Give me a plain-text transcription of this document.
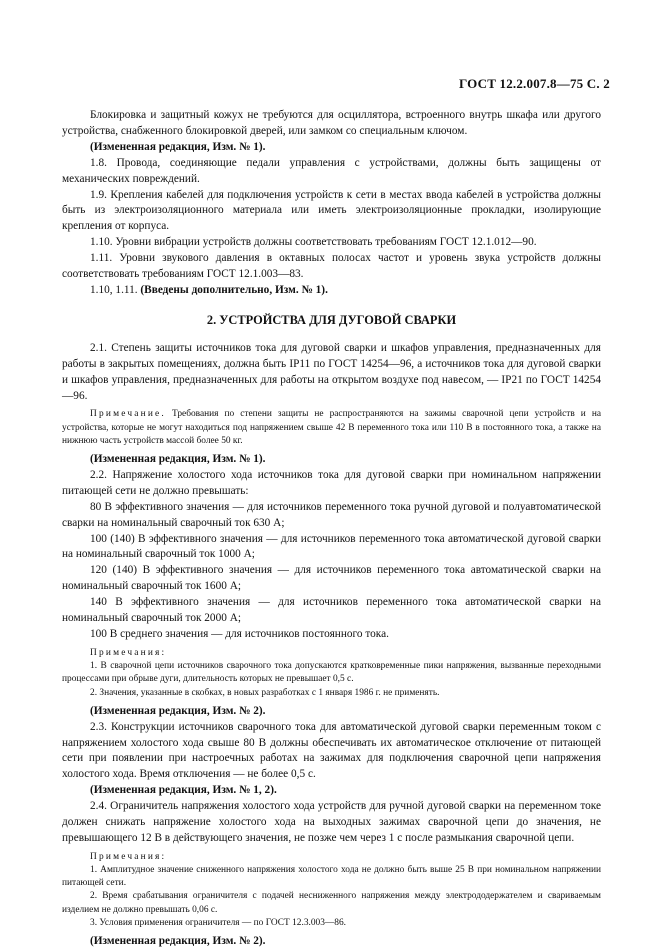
ГОСТ 12.2.007.8—75 С. 2

Блокировка и защитный кожух не требуются для осциллятора, встроенного внутрь шкафа или другого устройства, снабженного блокировкой дверей, или замком со специальным ключом.

(Измененная редакция, Изм. № 1).

1.8. Провода, соединяющие педали управления с устройствами, должны быть защищены от механических повреждений.

1.9. Крепления кабелей для подключения устройств к сети в местах ввода кабелей в устройства должны быть из электроизоляционного материала или иметь электроизоляционные прокладки, изолирующие крепления от корпуса.

1.10. Уровни вибрации устройств должны соответствовать требованиям ГОСТ 12.1.012—90.

1.11. Уровни звукового давления в октавных полосах частот и уровень звука устройств должны соответствовать требованиям ГОСТ 12.1.003—83.

1.10, 1.11. (Введены дополнительно, Изм. № 1).

2. УСТРОЙСТВА ДЛЯ ДУГОВОЙ СВАРКИ

2.1. Степень защиты источников тока для дуговой сварки и шкафов управления, предназначенных для работы в закрытых помещениях, должна быть IP11 по ГОСТ 14254—96, а источников тока для дуговой сварки и шкафов управления, предназначенных для работы на открытом воздухе под навесом, — IP21 по ГОСТ 14254—96.

Примечание. Требования по степени защиты не распространяются на зажимы сварочной цепи устройств и на устройства, которые не могут находиться под напряжением свыше 42 В переменного тока или 110 В в постоянного тока, а также на нижнюю часть устройств массой более 50 кг.

(Измененная редакция, Изм. № 1).

2.2. Напряжение холостого хода источников тока для дуговой сварки при номинальном напряжении питающей сети не должно превышать:

80 В эффективного значения — для источников переменного тока ручной дуговой и полуавтоматической сварки на номинальный сварочный ток 630 А;

100 (140) В эффективного значения — для источников переменного тока автоматической дуговой сварки на номинальный сварочный ток 1000 А;

120 (140) В эффективного значения — для источников переменного тока автоматической сварки на номинальный сварочный ток 1600 А;

140 В эффективного значения — для источников переменного тока автоматической сварки на номинальный сварочный ток 2000 А;

100 В среднего значения — для источников постоянного тока.

Примечания:

1. В сварочной цепи источников сварочного тока допускаются кратковременные пики напряжения, вызванные переходными процессами при обрыве дуги, длительность которых не превышает 0,5 с.

2. Значения, указанные в скобках, в новых разработках с 1 января 1986 г. не применять.

(Измененная редакция, Изм. № 2).

2.3. Конструкции источников сварочного тока для автоматической дуговой сварки переменным током с напряжением холостого хода свыше 80 В должны обеспечивать их автоматическое отключение от питающей сети при появлении при настроечных работах на зажимах для подключения сварочной цепи напряжения холостого хода. Время отключения — не более 0,5 с.

(Измененная редакция, Изм. № 1, 2).

2.4. Ограничитель напряжения холостого хода устройств для ручной дуговой сварки на переменном токе должен снижать напряжение холостого хода на выходных зажимах сварочной цепи до значения, не превышающего 12 В в действующего значения, не позже чем через 1 с после размыкания сварочной цепи.

Примечания:

1. Амплитудное значение сниженного напряжения холостого хода не должно быть выше 25 В при номинальном напряжении питающей сети.

2. Время срабатывания ограничителя с подачей несниженного напряжения между электрододержателем и свариваемым изделием не должно превышать 0,06 с.

3. Условия применения ограничителя — по ГОСТ 12.3.003—86.

(Измененная редакция, Изм. № 2).
